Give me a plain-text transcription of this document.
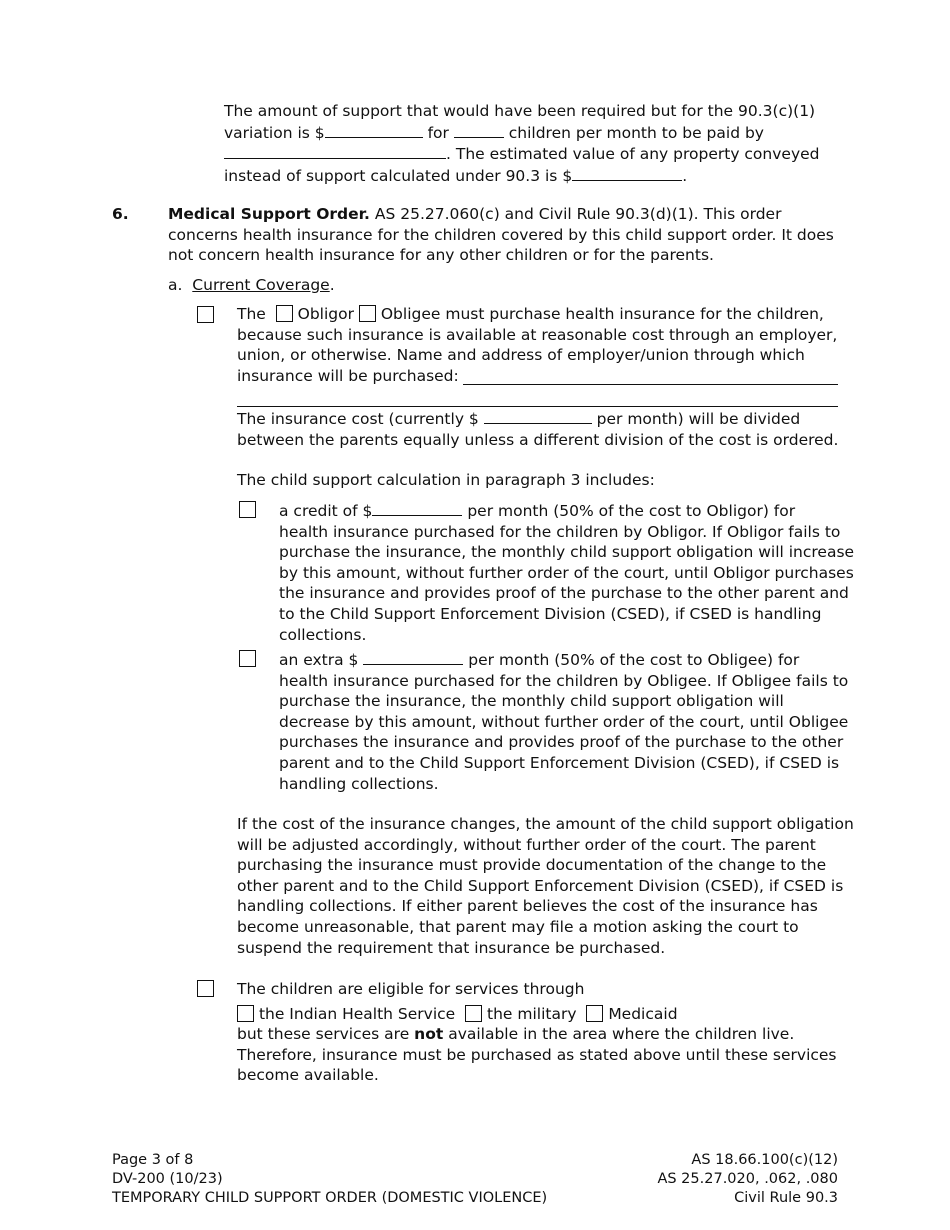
The amount of support that would have been required but for the 90.3(c)(1)
variation is $	for	children per month to be paid by
. The estimated value of any property conveyed
instead of support calculated under 90.3 is $	.
6.	Medical Support Order. AS 25.27.060(c) and Civil Rule 90.3(d)(1). This order
concerns health insurance for the children covered by this child support order. It does
not concern health insurance for any other children or for the parents.
a. Current Coverage.
The Obligor Obligee must purchase health insurance for the children,
because such insurance is available at reasonable cost through an employer,
union, or otherwise. Name and address of employer/union through which
insurance will be purchased:
The insurance cost (currently $	per month) will be divided
between the parents equally unless a different division of the cost is ordered.
The child support calculation in paragraph 3 includes:
a credit of $	per month (50% of the cost to Obligor) for
health insurance purchased for the children by Obligor. If Obligor fails to
purchase the insurance, the monthly child support obligation will increase
by this amount, without further order of the court, until Obligor purchases
the insurance and provides proof of the purchase to the other parent and
to the Child Support Enforcement Division (CSED), if CSED is handling
collections.
an extra $	per month (50% of the cost to Obligee) for
health insurance purchased for the children by Obligee. If Obligee fails to
purchase the insurance, the monthly child support obligation will
decrease by this amount, without further order of the court, until Obligee
purchases the insurance and provides proof of the purchase to the other
parent and to the Child Support Enforcement Division (CSED), if CSED is
handling collections.
If the cost of the insurance changes, the amount of the child support obligation
will be adjusted accordingly, without further order of the court. The parent
purchasing the insurance must provide documentation of the change to the
other parent and to the Child Support Enforcement Division (CSED), if CSED is
handling collections. If either parent believes the cost of the insurance has
become unreasonable, that parent may file a motion asking the court to
suspend the requirement that insurance be purchased.
The children are eligible for services through
the Indian Health Service the military Medicaid
but these services are not available in the area where the children live.
Therefore, insurance must be purchased as stated above until these services
become available.
Page 3 of 8
DV-200 (10/23)
TEMPORARY CHILD SUPPORT ORDER (DOMESTIC VIOLENCE)
AS 18.66.100(c)(12)
AS 25.27.020, .062, .080
Civil Rule 90.3
